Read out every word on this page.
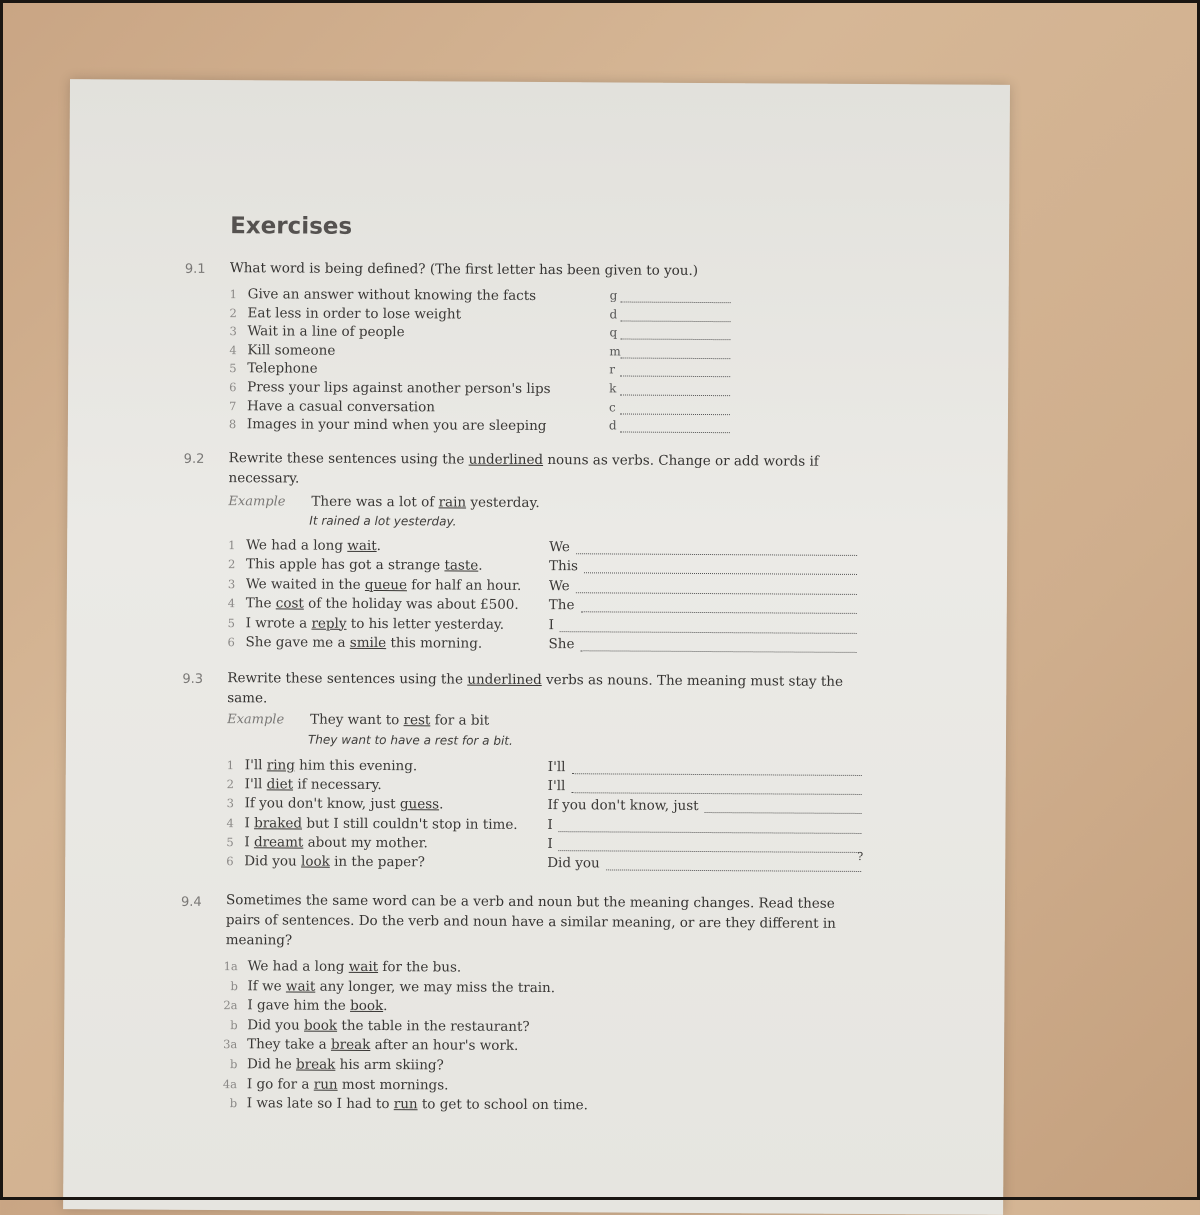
Exercises
9.1 What word is being defined? (The first letter has been given to you.)
1 Give an answer without knowing the facts	g
2 Eat less in order to lose weight	d
3 Wait in a line of people	q
4 Kill someone	m
5 Telephone	r
6 Press your lips against another person's lips	k
7 Have a casual conversation	c
8 Images in your mind when you are sleeping	d
9.2 Rewrite these sentences using the underlined nouns as verbs. Change or add words if necessary.
Example There was a lot of rain yesterday.
It rained a lot yesterday.
1 We had a long wait.	We
2 This apple has got a strange taste.	This
3 We waited in the queue for half an hour. We
4 The cost of the holiday was about £500. The
5 I wrote a reply to his letter yesterday.	I
6 She gave me a smile this morning.	She
9.3 Rewrite these sentences using the underlined verbs as nouns. The meaning must stay the same.
Example They want to rest for a bit
They want to have a rest for a bit.
1 I'll ring him this evening.	I'll
2 I'll diet if necessary.	I'll
3 If you don't know, just guess.	If you don't know, just
4 I braked but I still couldn't stop in time. I
5 I dreamt about my mother.	I
6 Did you look in the paper?	Did you	?
9.4 Sometimes the same word can be a verb and noun but the meaning changes. Read these pairs of sentences. Do the verb and noun have a similar meaning, or are they different in meaning?
1a We had a long wait for the bus.
b If we wait any longer, we may miss the train.
2a I gave him the book.
b Did you book the table in the restaurant?
3a They take a break after an hour's work.
b Did he break his arm skiing?
4a I go for a run most mornings.
b I was late so I had to run to get to school on time.
